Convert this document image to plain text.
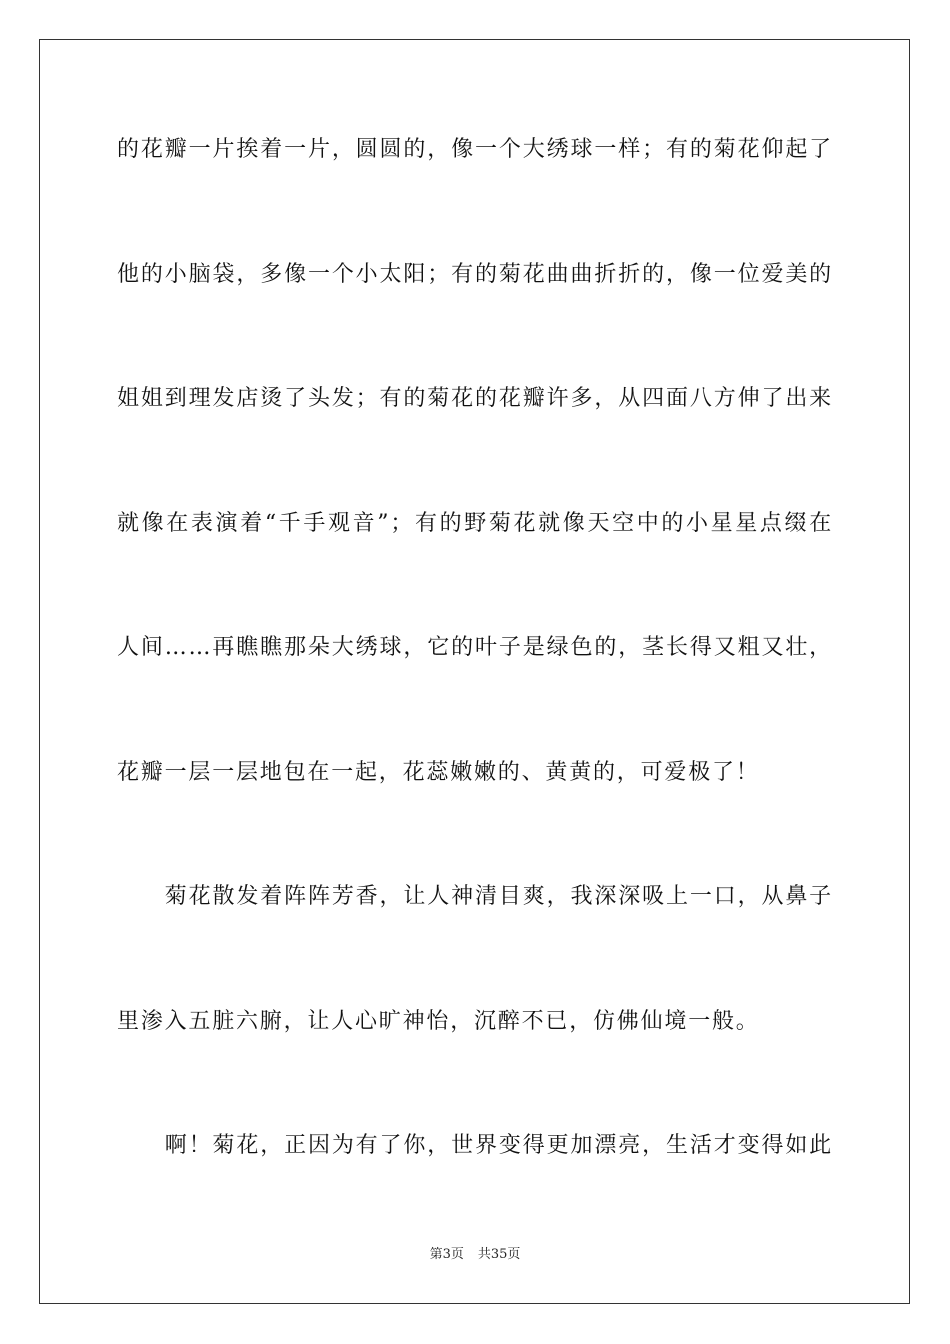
的花瓣一片挨着一片，圆圆的，像一个大绣球一样；有的菊花仰起了
他的小脑袋，多像一个小太阳；有的菊花曲曲折折的，像一位爱美的
姐姐到理发店烫了头发；有的菊花的花瓣许多，从四面八方伸了出来
就像在表演着“千手观音”；有的野菊花就像天空中的小星星点缀在
人间……再瞧瞧那朵大绣球，它的叶子是绿色的，茎长得又粗又壮，
花瓣一层一层地包在一起，花蕊嫩嫩的、黄黄的，可爱极了！
　　菊花散发着阵阵芳香，让人神清目爽，我深深吸上一口，从鼻子
里渗入五脏六腑，让人心旷神怡，沉醉不已，仿佛仙境一般。
　　啊！菊花，正因为有了你，世界变得更加漂亮，生活才变得如此
第3页 共35页
